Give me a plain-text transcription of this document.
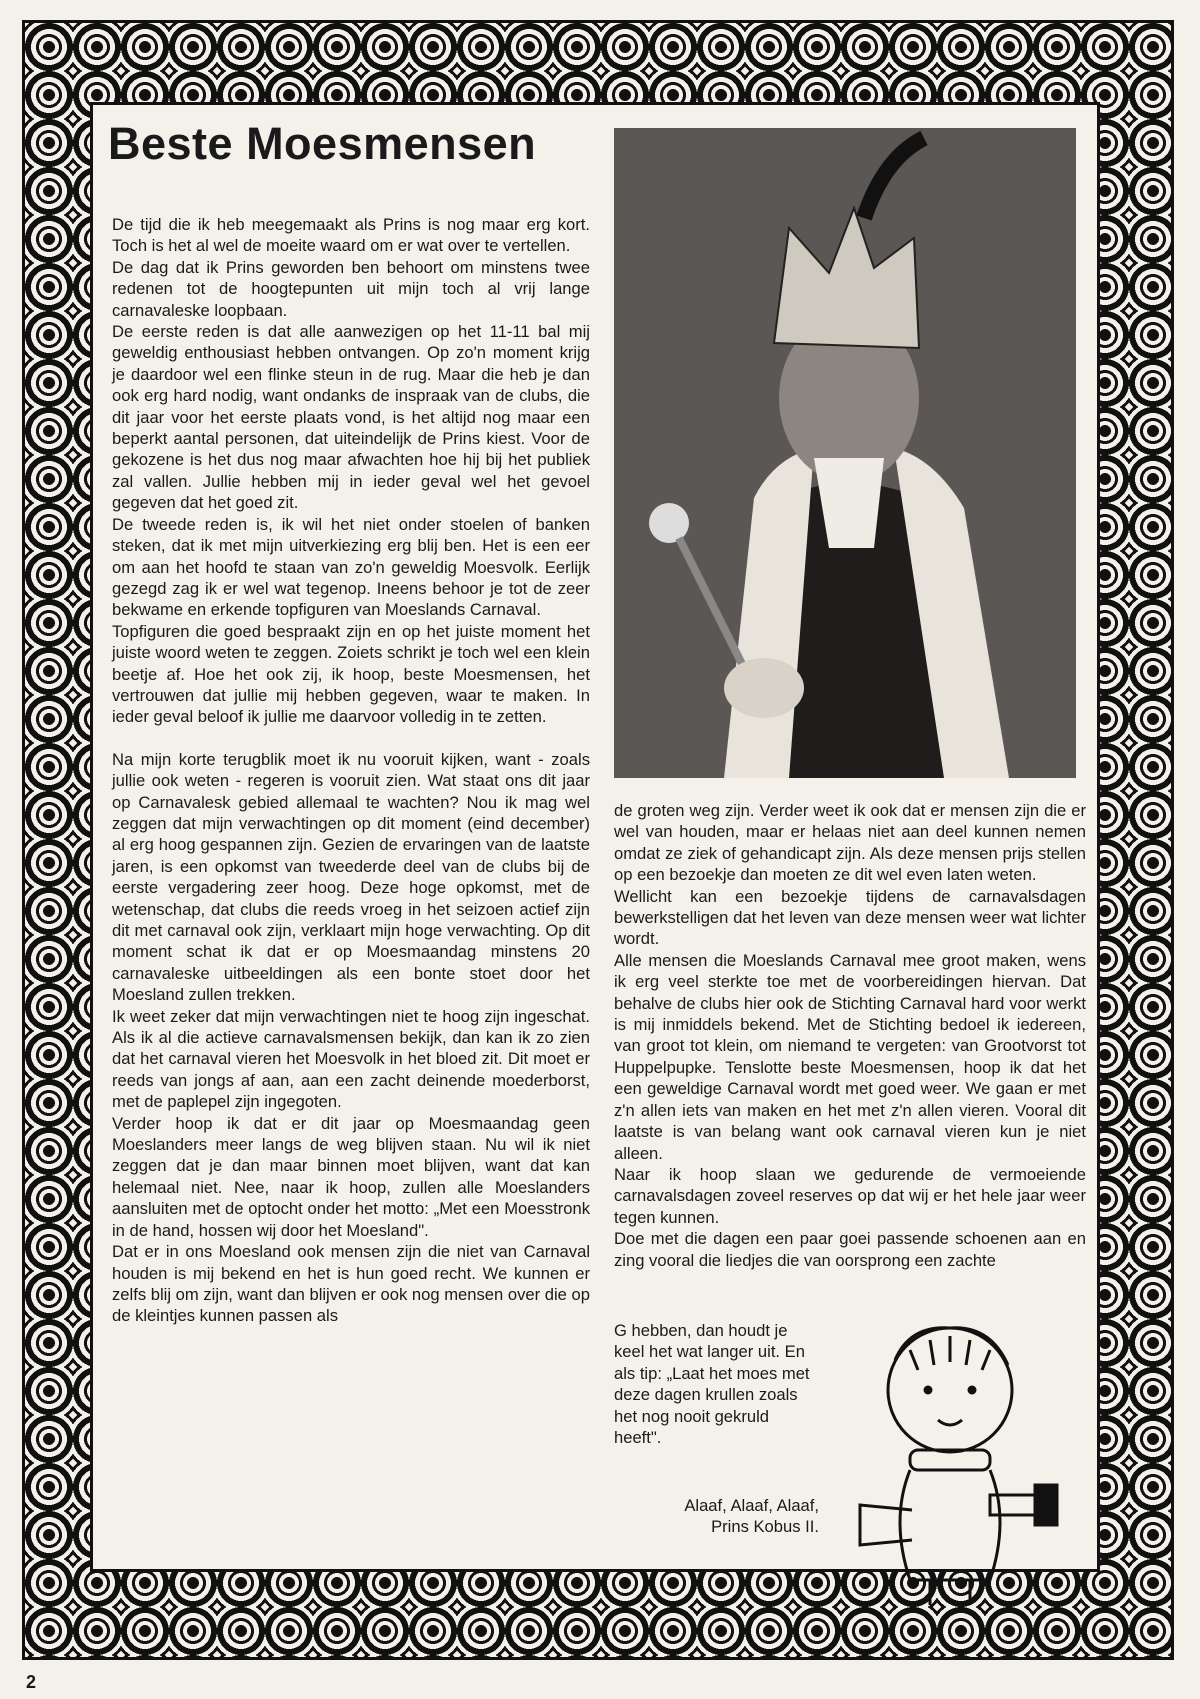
Beste Moesmensen

De tijd die ik heb meegemaakt als Prins is nog maar erg kort. Toch is het al wel de moeite waard om er wat over te vertellen.

De dag dat ik Prins geworden ben behoort om minstens twee redenen tot de hoogtepunten uit mijn toch al vrij lange carnavaleske loopbaan.

De eerste reden is dat alle aanwezigen op het 11-11 bal mij geweldig enthousiast hebben ontvangen. Op zo'n moment krijg je daardoor wel een flinke steun in de rug. Maar die heb je dan ook erg hard nodig, want ondanks de inspraak van de clubs, die dit jaar voor het eerste plaats vond, is het altijd nog maar een beperkt aantal personen, dat uiteindelijk de Prins kiest. Voor de gekozene is het dus nog maar afwachten hoe hij bij het publiek zal vallen. Jullie hebben mij in ieder geval wel het gevoel gegeven dat het goed zit.

De tweede reden is, ik wil het niet onder stoelen of banken steken, dat ik met mijn uitverkiezing erg blij ben. Het is een eer om aan het hoofd te staan van zo'n geweldig Moesvolk. Eerlijk gezegd zag ik er wel wat tegenop. Ineens behoor je tot de zeer bekwame en erkende topfiguren van Moeslands Carnaval.

Topfiguren die goed bespraakt zijn en op het juiste moment het juiste woord weten te zeggen. Zoiets schrikt je toch wel een klein beetje af. Hoe het ook zij, ik hoop, beste Moesmensen, het vertrouwen dat jullie mij hebben gegeven, waar te maken. In ieder geval beloof ik jullie me daarvoor volledig in te zetten.

Na mijn korte terugblik moet ik nu vooruit kijken, want - zoals jullie ook weten - regeren is vooruit zien. Wat staat ons dit jaar op Carnavalesk gebied allemaal te wachten? Nou ik mag wel zeggen dat mijn verwachtingen op dit moment (eind december) al erg hoog gespannen zijn. Gezien de ervaringen van de laatste jaren, is een opkomst van tweederde deel van de clubs bij de eerste vergadering zeer hoog. Deze hoge opkomst, met de wetenschap, dat clubs die reeds vroeg in het seizoen actief zijn dit met carnaval ook zijn, verklaart mijn hoge verwachting. Op dit moment schat ik dat er op Moesmaandag minstens 20 carnavaleske uitbeeldingen als een bonte stoet door het Moesland zullen trekken.

Ik weet zeker dat mijn verwachtingen niet te hoog zijn ingeschat. Als ik al die actieve carnavalsmensen bekijk, dan kan ik zo zien dat het carnaval vieren het Moesvolk in het bloed zit. Dit moet er reeds van jongs af aan, aan een zacht deinende moederborst, met de paplepel zijn ingegoten.

Verder hoop ik dat er dit jaar op Moesmaandag geen Moeslanders meer langs de weg blijven staan. Nu wil ik niet zeggen dat je dan maar binnen moet blijven, want dat kan helemaal niet. Nee, naar ik hoop, zullen alle Moeslanders aansluiten met de optocht onder het motto: „Met een Moesstronk in de hand, hossen wij door het Moesland".

Dat er in ons Moesland ook mensen zijn die niet van Carnaval houden is mij bekend en het is hun goed recht. We kunnen er zelfs blij om zijn, want dan blijven er ook nog mensen over die op de kleintjes kunnen passen als

de groten weg zijn. Verder weet ik ook dat er mensen zijn die er wel van houden, maar er helaas niet aan deel kunnen nemen omdat ze ziek of gehandicapt zijn. Als deze mensen prijs stellen op een bezoekje dan moeten ze dit wel even laten weten.

Wellicht kan een bezoekje tijdens de carnavalsdagen bewerkstelligen dat het leven van deze mensen weer wat lichter wordt.

Alle mensen die Moeslands Carnaval mee groot maken, wens ik erg veel sterkte toe met de voorbereidingen hiervan. Dat behalve de clubs hier ook de Stichting Carnaval hard voor werkt is mij inmiddels bekend. Met de Stichting bedoel ik iedereen, van groot tot klein, om niemand te vergeten: van Grootvorst tot Huppelpupke. Tenslotte beste Moesmensen, hoop ik dat het een geweldige Carnaval wordt met goed weer. We gaan er met z'n allen iets van maken en het met z'n allen vieren. Vooral dit laatste is van belang want ook carnaval vieren kun je niet alleen.

Naar ik hoop slaan we gedurende de vermoeiende carnavalsdagen zoveel reserves op dat wij er het hele jaar weer tegen kunnen.

Doe met die dagen een paar goei passende schoenen aan en zing vooral die liedjes die van oorsprong een zachte

G hebben, dan houdt je keel het wat langer uit. En als tip: „Laat het moes met deze dagen krullen zoals het nog nooit gekruld heeft".

Alaaf, Alaaf, Alaaf,
Prins Kobus II.
2
